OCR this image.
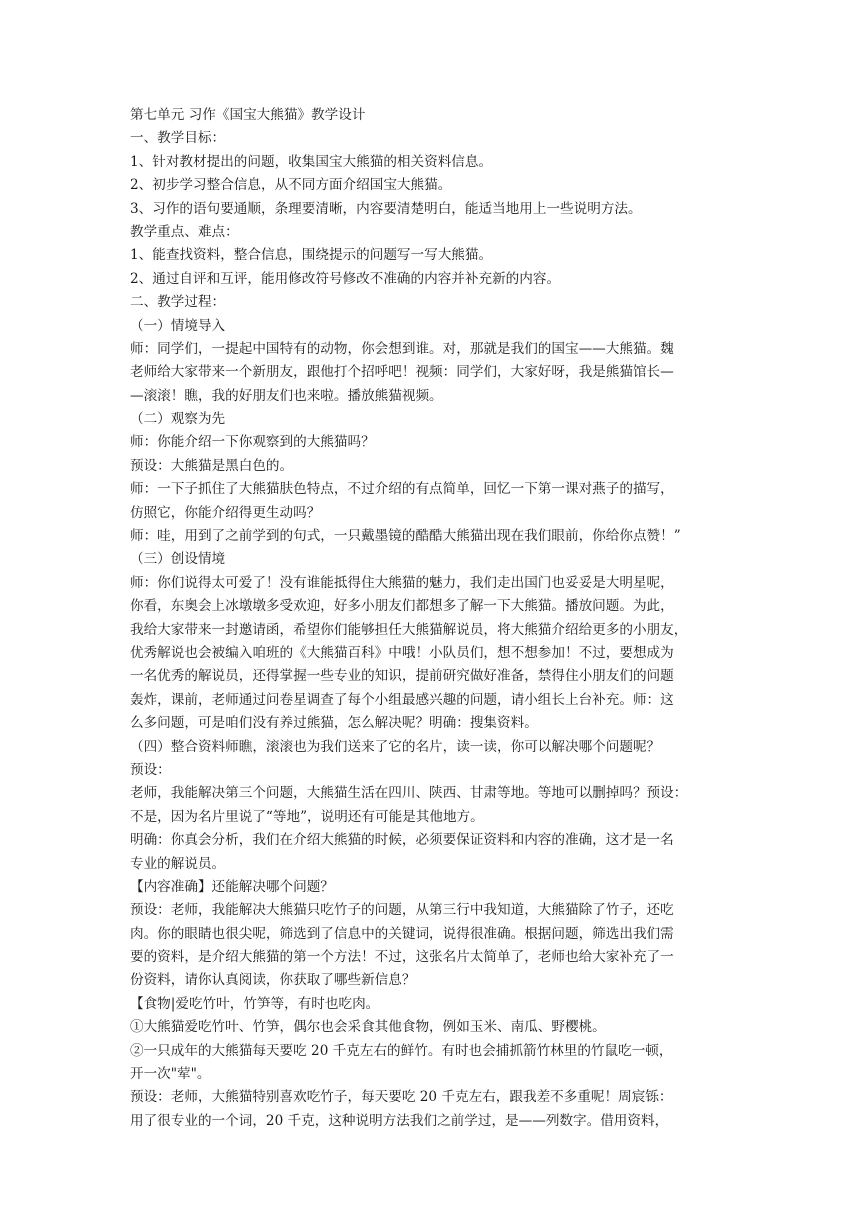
第七单元 习作《国宝大熊猫》教学设计
一、教学目标：
1、针对教材提出的问题，收集国宝大熊猫的相关资料信息。
2、初步学习整合信息，从不同方面介绍国宝大熊猫。
3、习作的语句要通顺，条理要清晰，内容要清楚明白，能适当地用上一些说明方法。
教学重点、难点：
1、能查找资料，整合信息，围绕提示的问题写一写大熊猫。
2、通过自评和互评，能用修改符号修改不准确的内容并补充新的内容。
二、教学过程：
（一）情境导入
师：同学们，一提起中国特有的动物，你会想到谁。对，那就是我们的国宝——大熊猫。魏
老师给大家带来一个新朋友，跟他打个招呼吧！视频：同学们，大家好呀，我是熊猫馆长—
—滚滚！瞧，我的好朋友们也来啦。播放熊猫视频。
（二）观察为先
师：你能介绍一下你观察到的大熊猫吗？
预设：大熊猫是黑白色的。
师：一下子抓住了大熊猫肤色特点，不过介绍的有点简单，回忆一下第一课对燕子的描写，
仿照它，你能介绍得更生动吗？
师：哇，用到了之前学到的句式，一只戴墨镜的酷酷大熊猫出现在我们眼前，你给你点赞！”
（三）创设情境
师：你们说得太可爱了！没有谁能抵得住大熊猫的魅力，我们走出国门也妥妥是大明星呢，
你看，东奥会上冰墩墩多受欢迎，好多小朋友们都想多了解一下大熊猫。播放问题。为此，
我给大家带来一封邀请函，希望你们能够担任大熊猫解说员，将大熊猫介绍给更多的小朋友，
优秀解说也会被编入咱班的《大熊猫百科》中哦！小队员们，想不想参加！不过，要想成为
一名优秀的解说员，还得掌握一些专业的知识，提前研究做好准备，禁得住小朋友们的问题
轰炸，课前，老师通过问卷星调查了每个小组最感兴趣的问题，请小组长上台补充。师：这
么多问题，可是咱们没有养过熊猫，怎么解决呢？明确：搜集资料。
（四）整合资料师瞧，滚滚也为我们送来了它的名片，读一读，你可以解决哪个问题呢？
预设：
老师，我能解决第三个问题，大熊猫生活在四川、陕西、甘肃等地。等地可以删掉吗？预设：
不是，因为名片里说了“等地”，说明还有可能是其他地方。
明确：你真会分析，我们在介绍大熊猫的时候，必须要保证资料和内容的准确，这才是一名
专业的解说员。
【内容准确】还能解决哪个问题？
预设：老师，我能解决大熊猫只吃竹子的问题，从第三行中我知道，大熊猫除了竹子，还吃
肉。你的眼睛也很尖呢，筛选到了信息中的关键词，说得很准确。根据问题，筛选出我们需
要的资料，是介绍大熊猫的第一个方法！不过，这张名片太简单了，老师也给大家补充了一
份资料，请你认真阅读，你获取了哪些新信息？
【食物|爱吃竹叶，竹笋等，有时也吃肉。
①大熊猫爱吃竹叶、竹笋，偶尔也会采食其他食物，例如玉米、南瓜、野樱桃。
②一只成年的大熊猫每天要吃 20 千克左右的鲜竹。有时也会捕抓箭竹林里的竹鼠吃一顿，
开一次"荤"。
预设：老师，大熊猫特别喜欢吃竹子，每天要吃 20 千克左右，跟我差不多重呢！周宸铄：
用了很专业的一个词，20 千克，这种说明方法我们之前学过，是——列数字。借用资料，
